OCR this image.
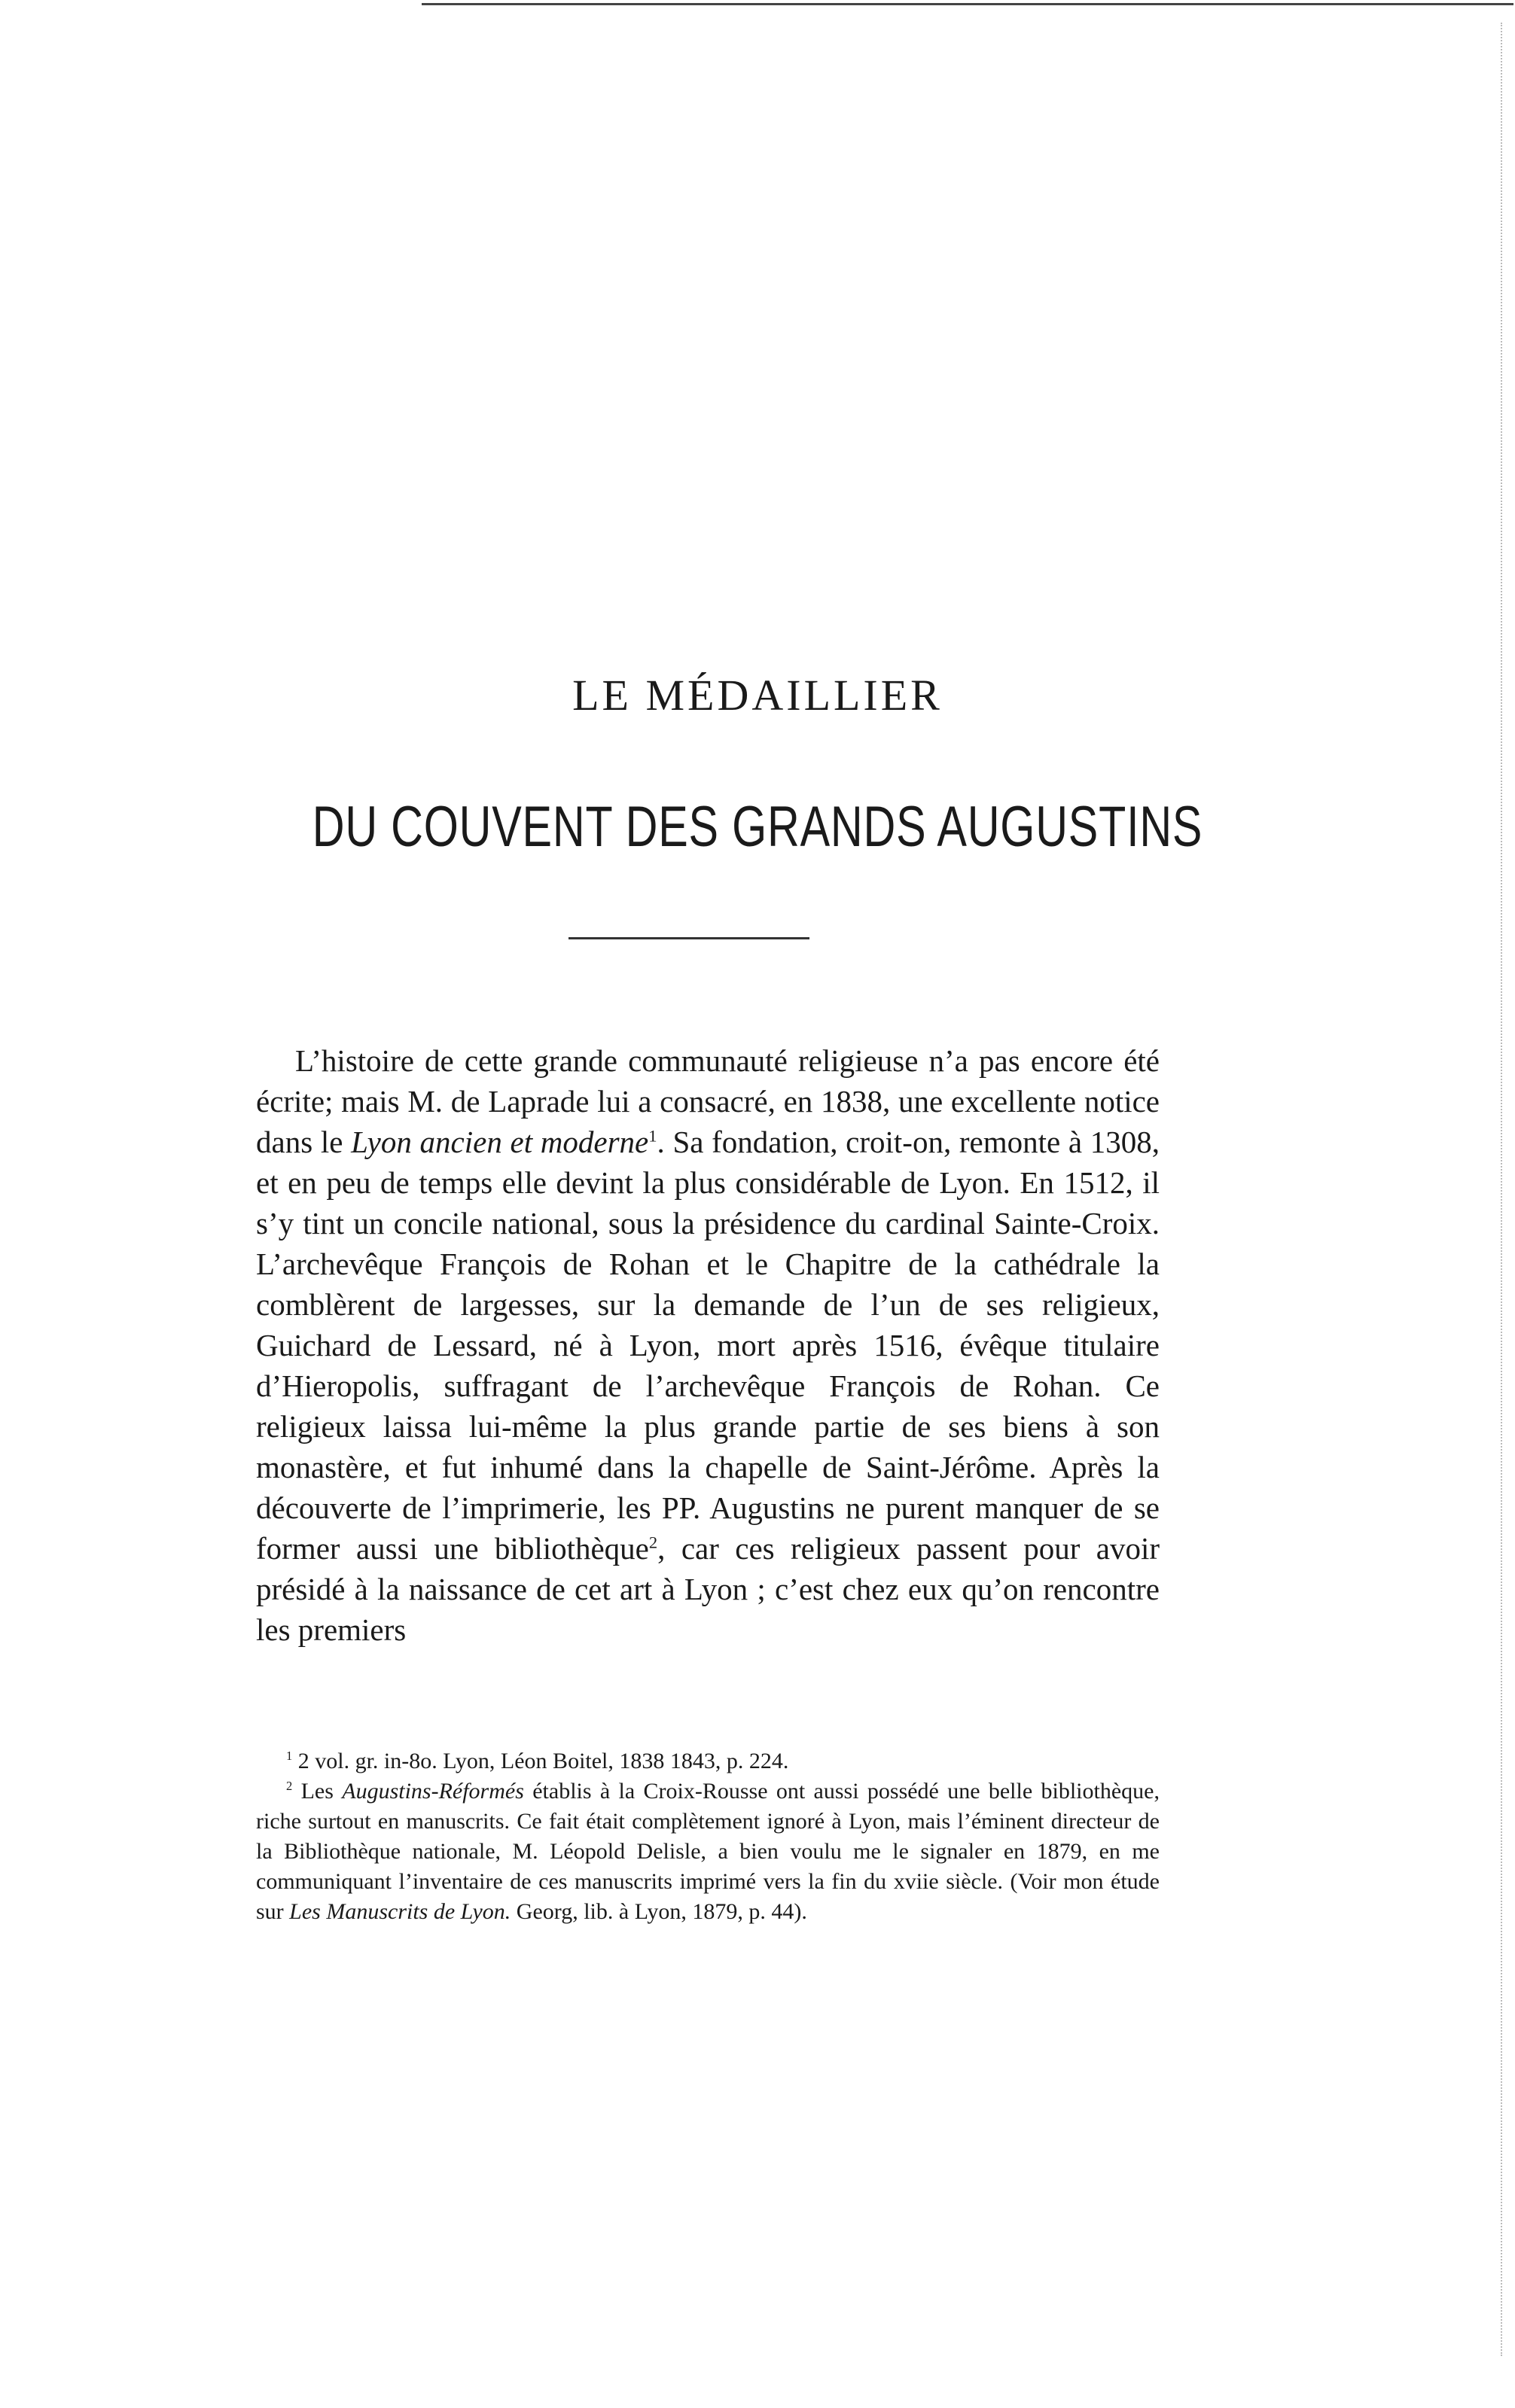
LE MÉDAILLIER
DU COUVENT DES GRANDS AUGUSTINS

L’histoire de cette grande communauté religieuse n’a pas encore été écrite; mais M. de Laprade lui a consacré, en 1838, une excellente notice dans le Lyon ancien et moderne$^1$. Sa fondation, croit-on, remonte à 1308, et en peu de temps elle devint la plus considérable de Lyon. En 1512, il s’y tint un concile national, sous la présidence du cardinal Sainte-Croix. L’archevêque François de Rohan et le Chapitre de la cathédrale la comblèrent de largesses, sur la demande de l’un de ses religieux, Guichard de Lessard, né à Lyon, mort après 1516, évêque titulaire d’Hieropolis, suffragant de l’archevêque François de Rohan. Ce religieux laissa lui-même la plus grande partie de ses biens à son monastère, et fut inhumé dans la chapelle de Saint-Jérôme. Après la découverte de l’imprimerie, les PP. Augustins ne purent manquer de se former aussi une bibliothèque$^2$, car ces religieux passent pour avoir présidé à la naissance de cet art à Lyon ; c’est chez eux qu’on rencontre les premiers

$^1$ 2 vol. gr. in-8o. Lyon, Léon Boitel, 1838 1843, p. 224.

$^2$ Les Augustins-Réformés établis à la Croix-Rousse ont aussi possédé une belle bibliothèque, riche surtout en manuscrits. Ce fait était complètement ignoré à Lyon, mais l’éminent directeur de la Bibliothèque nationale, M. Léopold Delisle, a bien voulu me le signaler en 1879, en me communiquant l’inventaire de ces manuscrits imprimé vers la fin du xviie siècle. (Voir mon étude sur Les Manuscrits de Lyon. Georg, lib. à Lyon, 1879, p. 44).
